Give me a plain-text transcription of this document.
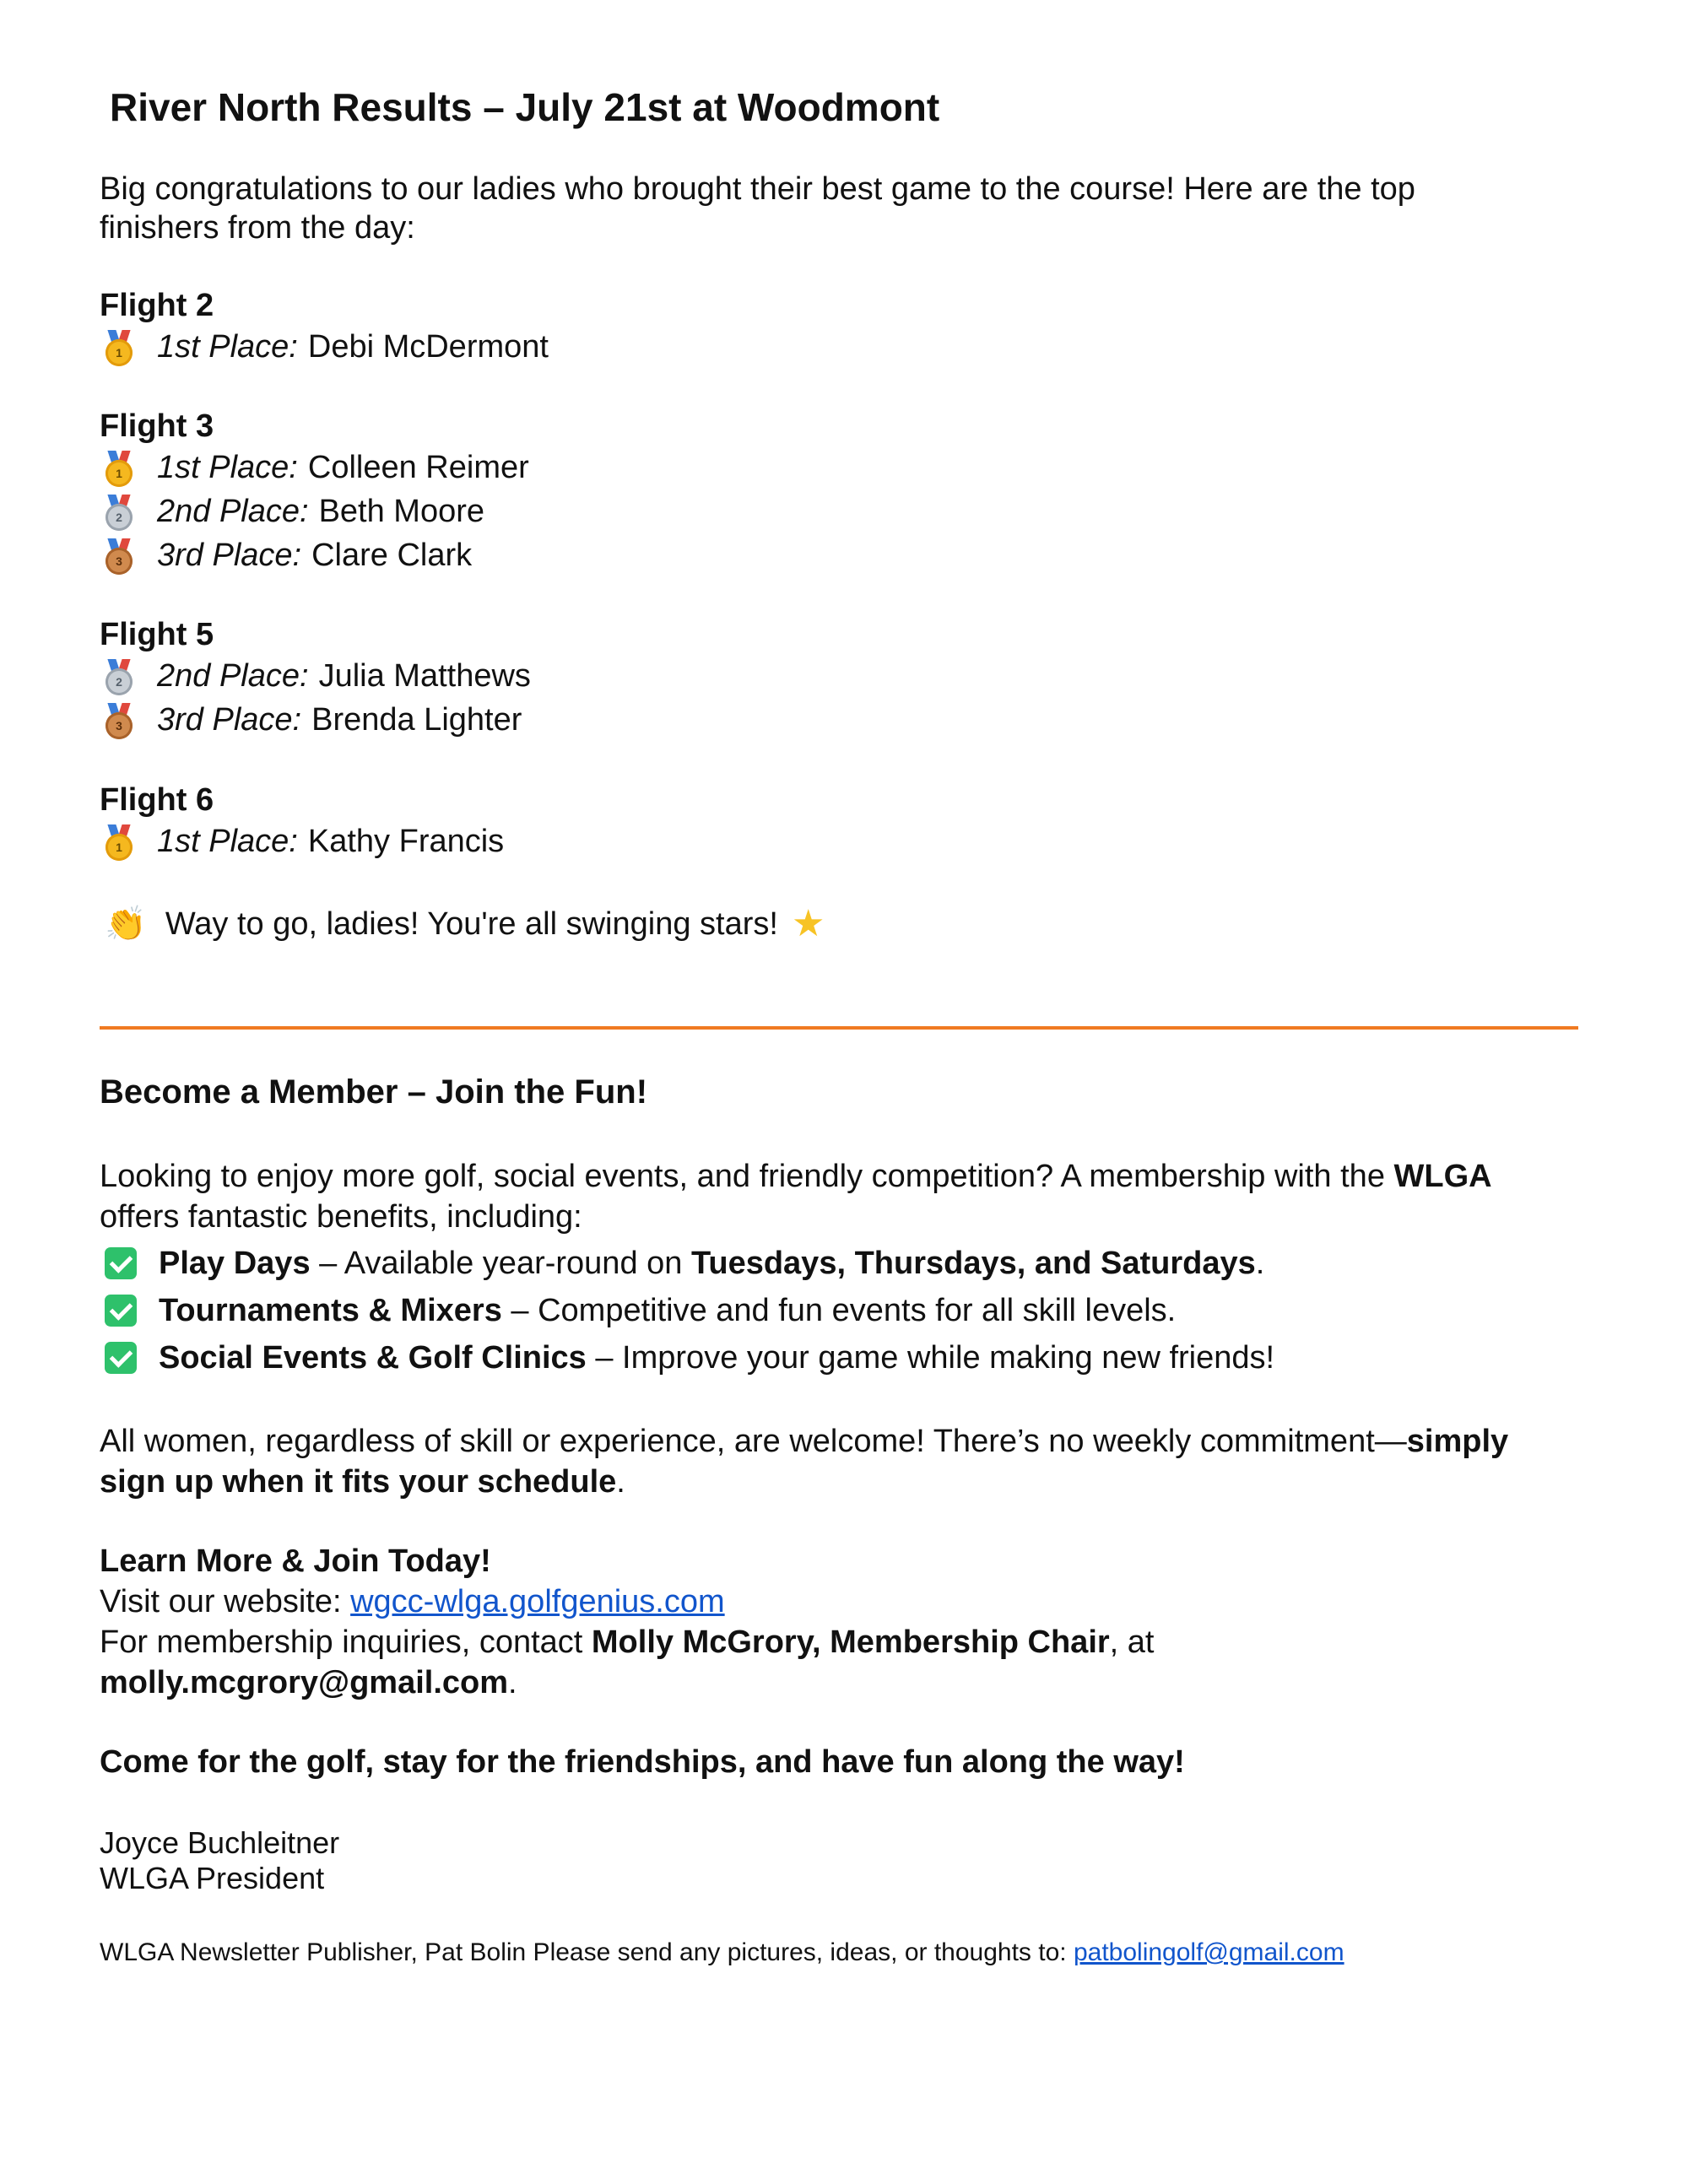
River North Results – July 21st at Woodmont
Big congratulations to our ladies who brought their best game to the course! Here are the top
finishers from the day:
Flight 2
1	1st Place: Debi McDermont
Flight 3
1	1st Place: Colleen Reimer
2	2nd Place: Beth Moore
3	3rd Place: Clare Clark
Flight 5
2	2nd Place: Julia Matthews
3	3rd Place: Brenda Lighter
Flight 6
1	1st Place: Kathy Francis
👏 Way to go, ladies! You're all swinging stars! ★
Become a Member – Join the Fun!
Looking to enjoy more golf, social events, and friendly competition? A membership with the WLGA
offers fantastic benefits, including:
Play Days – Available year-round on Tuesdays, Thursdays, and Saturdays.
Tournaments & Mixers – Competitive and fun events for all skill levels.
Social Events & Golf Clinics – Improve your game while making new friends!
All women, regardless of skill or experience, are welcome! There’s no weekly commitment—simply
sign up when it fits your schedule.
Learn More & Join Today!
Visit our website: wgcc-wlga.golfgenius.com
For membership inquiries, contact Molly McGrory, Membership Chair, at
molly.mcgrory@gmail.com.
Come for the golf, stay for the friendships, and have fun along the way!
Joyce Buchleitner
WLGA President
WLGA Newsletter Publisher, Pat Bolin Please send any pictures, ideas, or thoughts to: patbolingolf@gmail.com
